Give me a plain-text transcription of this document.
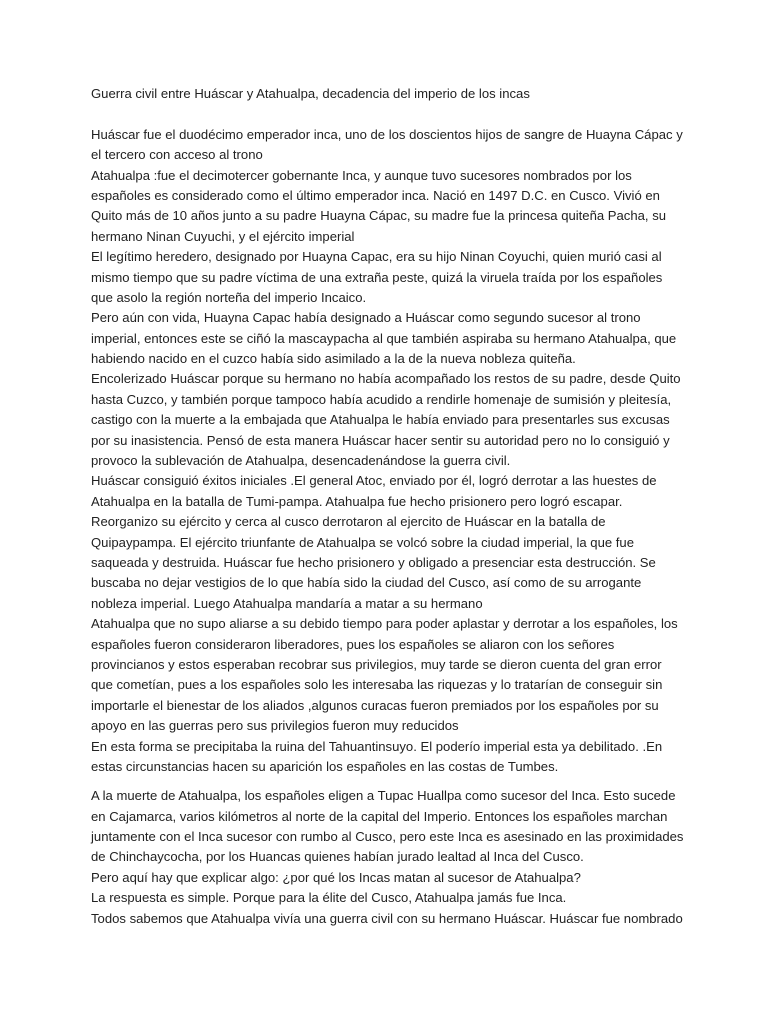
Guerra civil entre Huáscar y Atahualpa, decadencia del imperio de los incas
Huáscar fue el duodécimo emperador inca, uno de los doscientos hijos de sangre de Huayna Cápac y
el tercero con acceso al trono
Atahualpa :fue el decimotercer gobernante Inca, y aunque tuvo sucesores nombrados por los
españoles es considerado como el último emperador inca. Nació en 1497 D.C. en Cusco. Vivió en
Quito más de 10 años junto a su padre Huayna Cápac, su madre fue la princesa quiteña Pacha, su
hermano Ninan Cuyuchi, y el ejército imperial
El legítimo heredero, designado por Huayna Capac, era su hijo Ninan Coyuchi, quien murió casi al
mismo tiempo que su padre víctima de una extraña peste, quizá la viruela traída por los españoles
que asolo la región norteña del imperio Incaico.
Pero aún con vida, Huayna Capac había designado a Huáscar como segundo sucesor al trono
imperial, entonces este se ciñó la mascaypacha al que también aspiraba su hermano Atahualpa, que
habiendo nacido en el cuzco había sido asimilado a la de la nueva nobleza quiteña.
Encolerizado Huáscar porque su hermano no había acompañado los restos de su padre, desde Quito
hasta Cuzco, y también porque tampoco había acudido a rendirle homenaje de sumisión y pleitesía,
castigo con la muerte a la embajada que Atahualpa le había enviado para presentarles sus excusas
por su inasistencia. Pensó de esta manera Huáscar hacer sentir su autoridad pero no lo consiguió y
provoco la sublevación de Atahualpa, desencadenándose la guerra civil.
Huáscar consiguió éxitos iniciales .El general Atoc, enviado por él, logró derrotar a las huestes de
Atahualpa en la batalla de Tumi-pampa. Atahualpa fue hecho prisionero pero logró escapar.
Reorganizo su ejército y cerca al cusco derrotaron al ejercito de Huáscar en la batalla de
Quipaypampa. El ejército triunfante de Atahualpa se volcó sobre la ciudad imperial, la que fue
saqueada y destruida. Huáscar fue hecho prisionero y obligado a presenciar esta destrucción. Se
buscaba no dejar vestigios de lo que había sido la ciudad del Cusco, así como de su arrogante
nobleza imperial. Luego Atahualpa mandaría a matar a su hermano
Atahualpa que no supo aliarse a su debido tiempo para poder aplastar y derrotar a los españoles, los
españoles fueron consideraron liberadores, pues los españoles se aliaron con los señores
provincianos y estos esperaban recobrar sus privilegios, muy tarde se dieron cuenta del gran error
que cometían, pues a los españoles solo les interesaba las riquezas y lo tratarían de conseguir sin
importarle el bienestar de los aliados ,algunos curacas fueron premiados por los españoles por su
apoyo en las guerras pero sus privilegios fueron muy reducidos
En esta forma se precipitaba la ruina del Tahuantinsuyo. El poderío imperial esta ya debilitado. .En
estas circunstancias hacen su aparición los españoles en las costas de Tumbes.
A la muerte de Atahualpa, los españoles eligen a Tupac Huallpa como sucesor del Inca. Esto sucede
en Cajamarca, varios kilómetros al norte de la capital del Imperio. Entonces los españoles marchan
juntamente con el Inca sucesor con rumbo al Cusco, pero este Inca es asesinado en las proximidades
de Chinchaycocha, por los Huancas quienes habían jurado lealtad al Inca del Cusco.
Pero aquí hay que explicar algo: ¿por qué los Incas matan al sucesor de Atahualpa?
La respuesta es simple. Porque para la élite del Cusco, Atahualpa jamás fue Inca.
Todos sabemos que Atahualpa vivía una guerra civil con su hermano Huáscar. Huáscar fue nombrado
